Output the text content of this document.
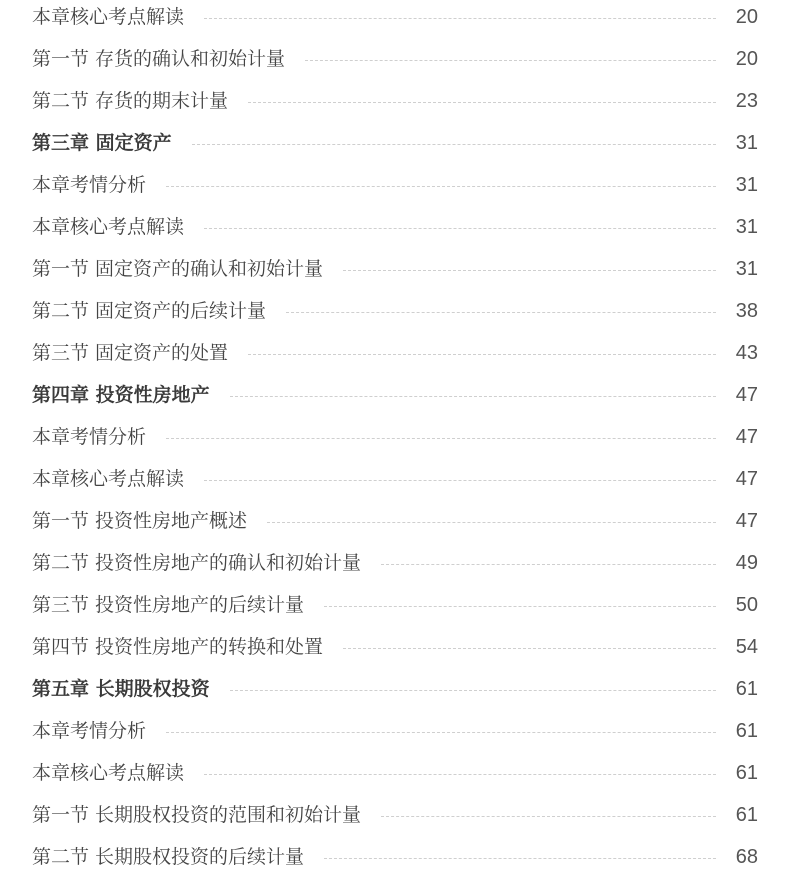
本章核心考点解读	20
第一节 存货的确认和初始计量	20
第二节 存货的期末计量	23
第三章 固定资产	31
本章考情分析	31
本章核心考点解读	31
第一节 固定资产的确认和初始计量	31
第二节 固定资产的后续计量	38
第三节 固定资产的处置	43
第四章 投资性房地产	47
本章考情分析	47
本章核心考点解读	47
第一节 投资性房地产概述	47
第二节 投资性房地产的确认和初始计量	49
第三节 投资性房地产的后续计量	50
第四节 投资性房地产的转换和处置	54
第五章 长期股权投资	61
本章考情分析	61
本章核心考点解读	61
第一节 长期股权投资的范围和初始计量	61
第二节 长期股权投资的后续计量	68
